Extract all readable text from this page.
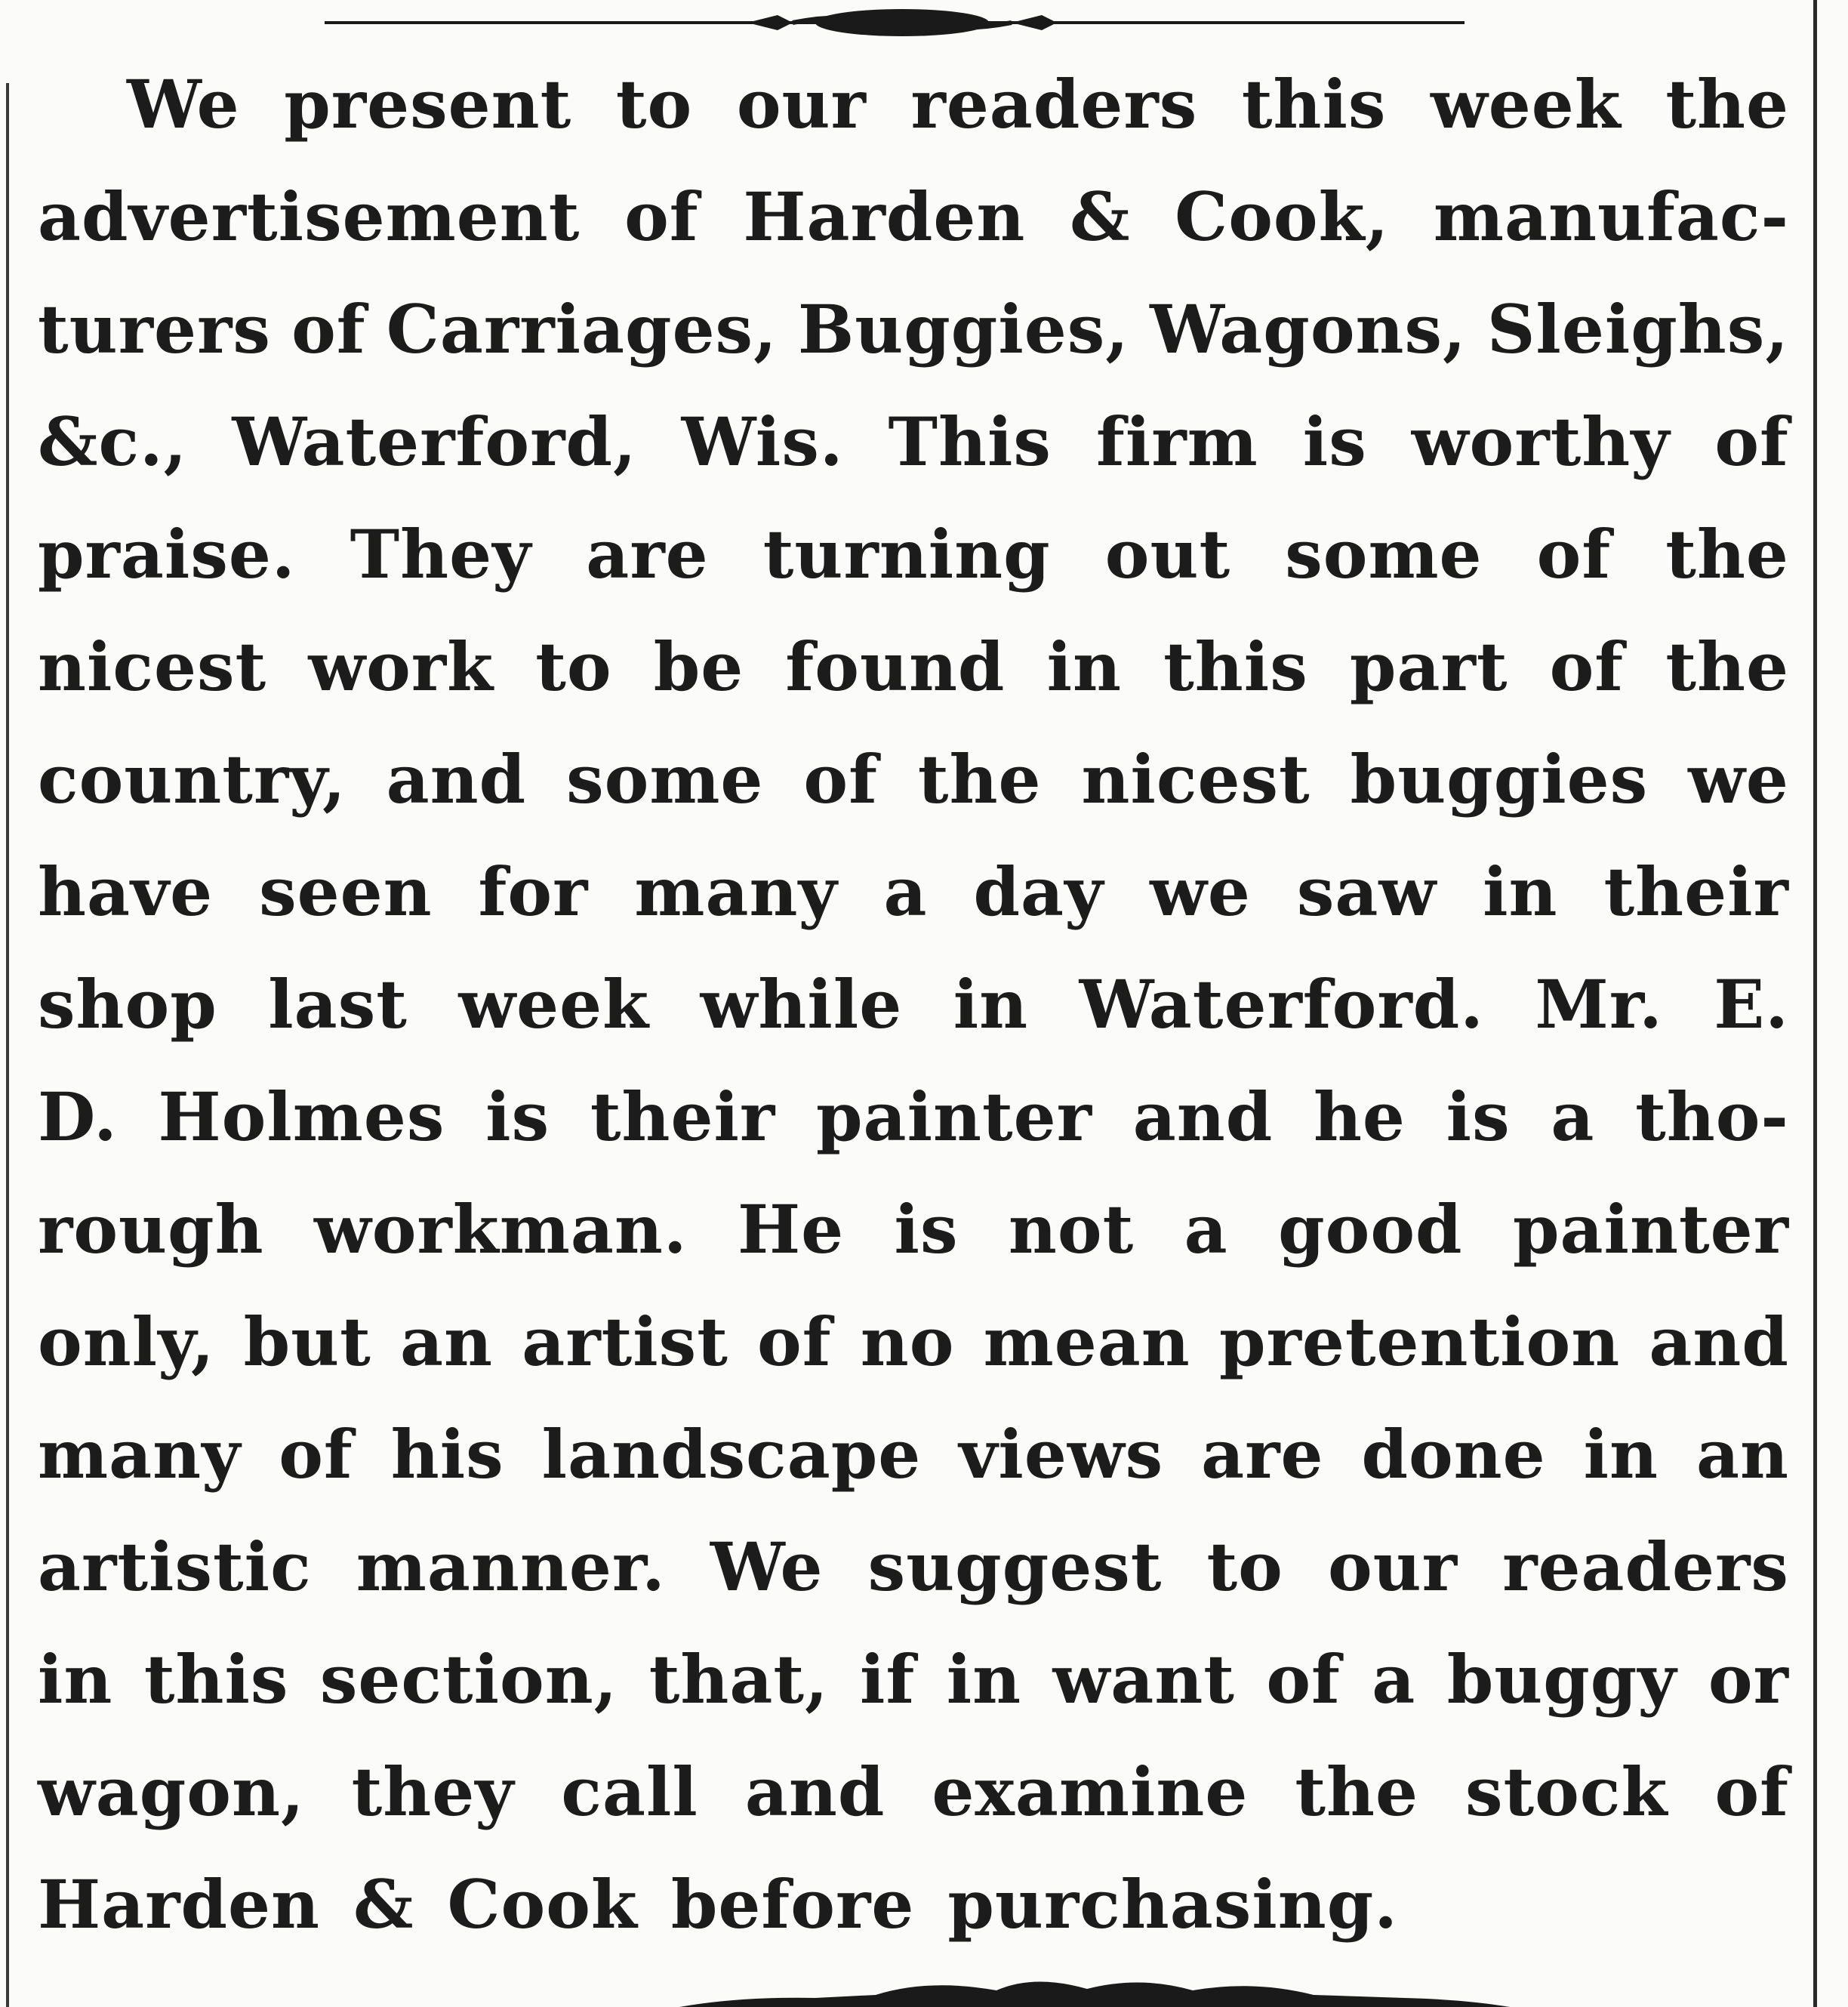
We present to our readers this week the
advertisement of Harden & Cook, manufac-
turers of Carriages, Buggies, Wagons, Sleighs,
&c., Waterford, Wis. This firm is worthy of
praise. They are turning out some of the
nicest work to be found in this part of the
country, and some of the nicest buggies we
have seen for many a day we saw in their
shop last week while in Waterford. Mr. E.
D. Holmes is their painter and he is a tho-
rough workman. He is not a good painter
only, but an artist of no mean pretention and
many of his landscape views are done in an
artistic manner. We suggest to our readers
in this section, that, if in want of a buggy or
wagon, they call and examine the stock of
Harden & Cook before purchasing.
